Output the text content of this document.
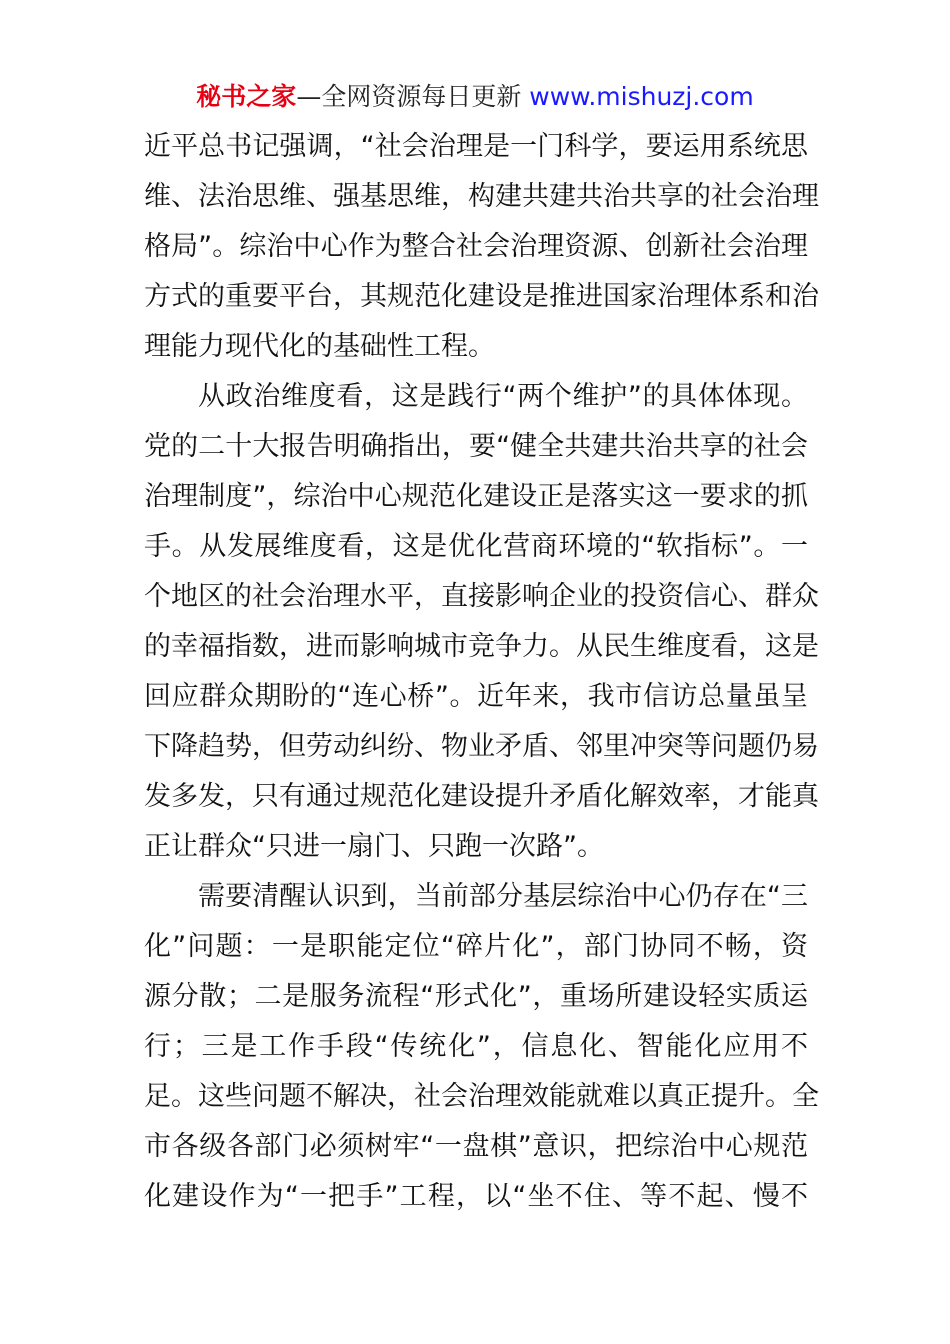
秘书之家—全网资源每日更新 www.mishuzj.com
近平总书记强调，“社会治理是一门科学，要运用系统思
维、法治思维、强基思维，构建共建共治共享的社会治理
格局”。综治中心作为整合社会治理资源、创新社会治理
方式的重要平台，其规范化建设是推进国家治理体系和治
理能力现代化的基础性工程。
从政治维度看，这是践行“两个维护”的具体体现。
党的二十大报告明确指出，要“健全共建共治共享的社会
治理制度”，综治中心规范化建设正是落实这一要求的抓
手。从发展维度看，这是优化营商环境的“软指标”。一
个地区的社会治理水平，直接影响企业的投资信心、群众
的幸福指数，进而影响城市竞争力。从民生维度看，这是
回应群众期盼的“连心桥”。近年来，我市信访总量虽呈
下降趋势，但劳动纠纷、物业矛盾、邻里冲突等问题仍易
发多发，只有通过规范化建设提升矛盾化解效率，才能真
正让群众“只进一扇门、只跑一次路”。
需要清醒认识到，当前部分基层综治中心仍存在“三
化”问题：一是职能定位“碎片化”，部门协同不畅，资
源分散；二是服务流程“形式化”，重场所建设轻实质运
行；三是工作手段“传统化”，信息化、智能化应用不
足。这些问题不解决，社会治理效能就难以真正提升。全
市各级各部门必须树牢“一盘棋”意识，把综治中心规范
化建设作为“一把手”工程，以“坐不住、等不起、慢不
